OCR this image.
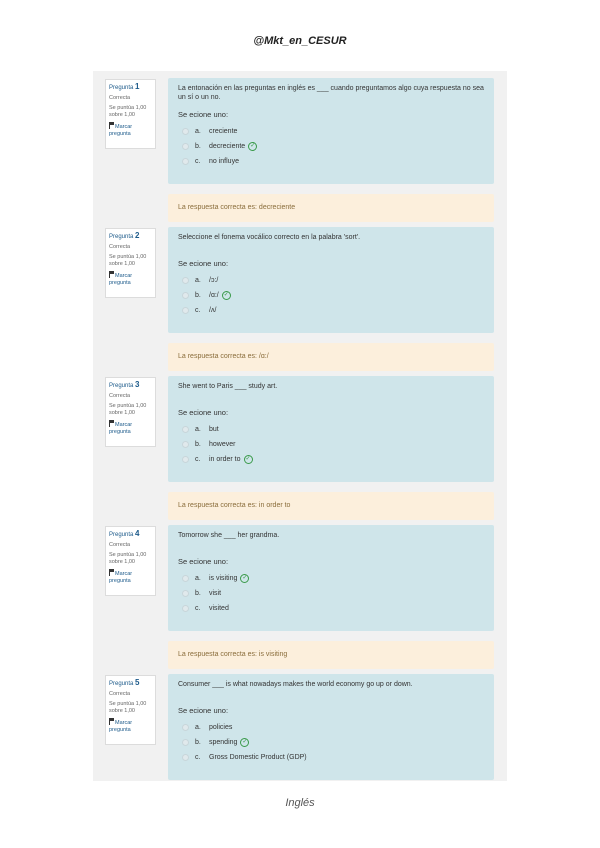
@Mkt_en_CESUR
Pregunta 1
Correcta
Se puntúa 1,00 sobre 1,00
Marcar pregunta
La entonación en las preguntas en inglés es ___ cuando preguntamos algo cuya respuesta no sea un sí o un no.
Se ecione uno:
a.	creciente
b.	decreciente ✓
c.	no influye
La respuesta correcta es: decreciente
Pregunta 2
Correcta
Se puntúa 1,00 sobre 1,00
Marcar pregunta
Seleccione el fonema vocálico correcto en la palabra 'sort'.
Se ecione uno:
a.	/ɔ:/
b.	/ɑ:/ ✓
c.	/ʌ/
La respuesta correcta es: /ɑ:/
Pregunta 3
Correcta
Se puntúa 1,00 sobre 1,00
Marcar pregunta
She went to Paris ___ study art.
Se ecione uno:
a.	but
b.	however
c.	in order to ✓
La respuesta correcta es: in order to
Pregunta 4
Correcta
Se puntúa 1,00 sobre 1,00
Marcar pregunta
Tomorrow she ___ her grandma.
Se ecione uno:
a.	is visiting ✓
b.	visit
c.	visited
La respuesta correcta es: is visiting
Pregunta 5
Correcta
Se puntúa 1,00 sobre 1,00
Marcar pregunta
Consumer ___ is what nowadays makes the world economy go up or down.
Se ecione uno:
a.	policies
b.	spending ✓
c.	Gross Domestic Product (GDP)
Inglés
